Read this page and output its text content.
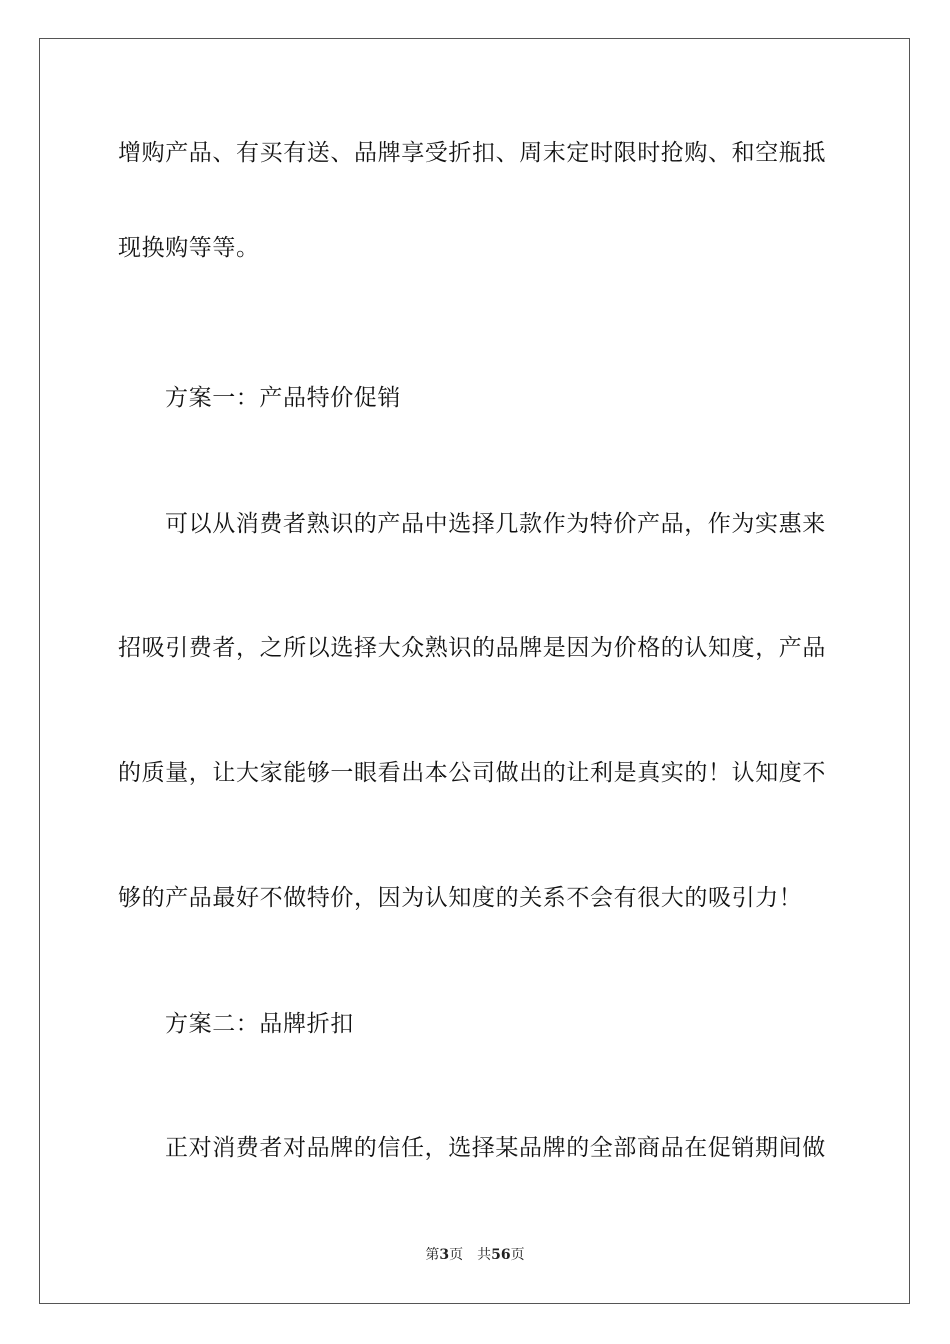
增购产品、有买有送、品牌享受折扣、周末定时限时抢购、和空瓶抵
现换购等等。
方案一：产品特价促销
可以从消费者熟识的产品中选择几款作为特价产品，作为实惠来
招吸引费者，之所以选择大众熟识的品牌是因为价格的认知度，产品
的质量，让大家能够一眼看出本公司做出的让利是真实的！认知度不
够的产品最好不做特价，因为认知度的关系不会有很大的吸引力！
方案二：品牌折扣
正对消费者对品牌的信任，选择某品牌的全部商品在促销期间做
第3页 共56页
